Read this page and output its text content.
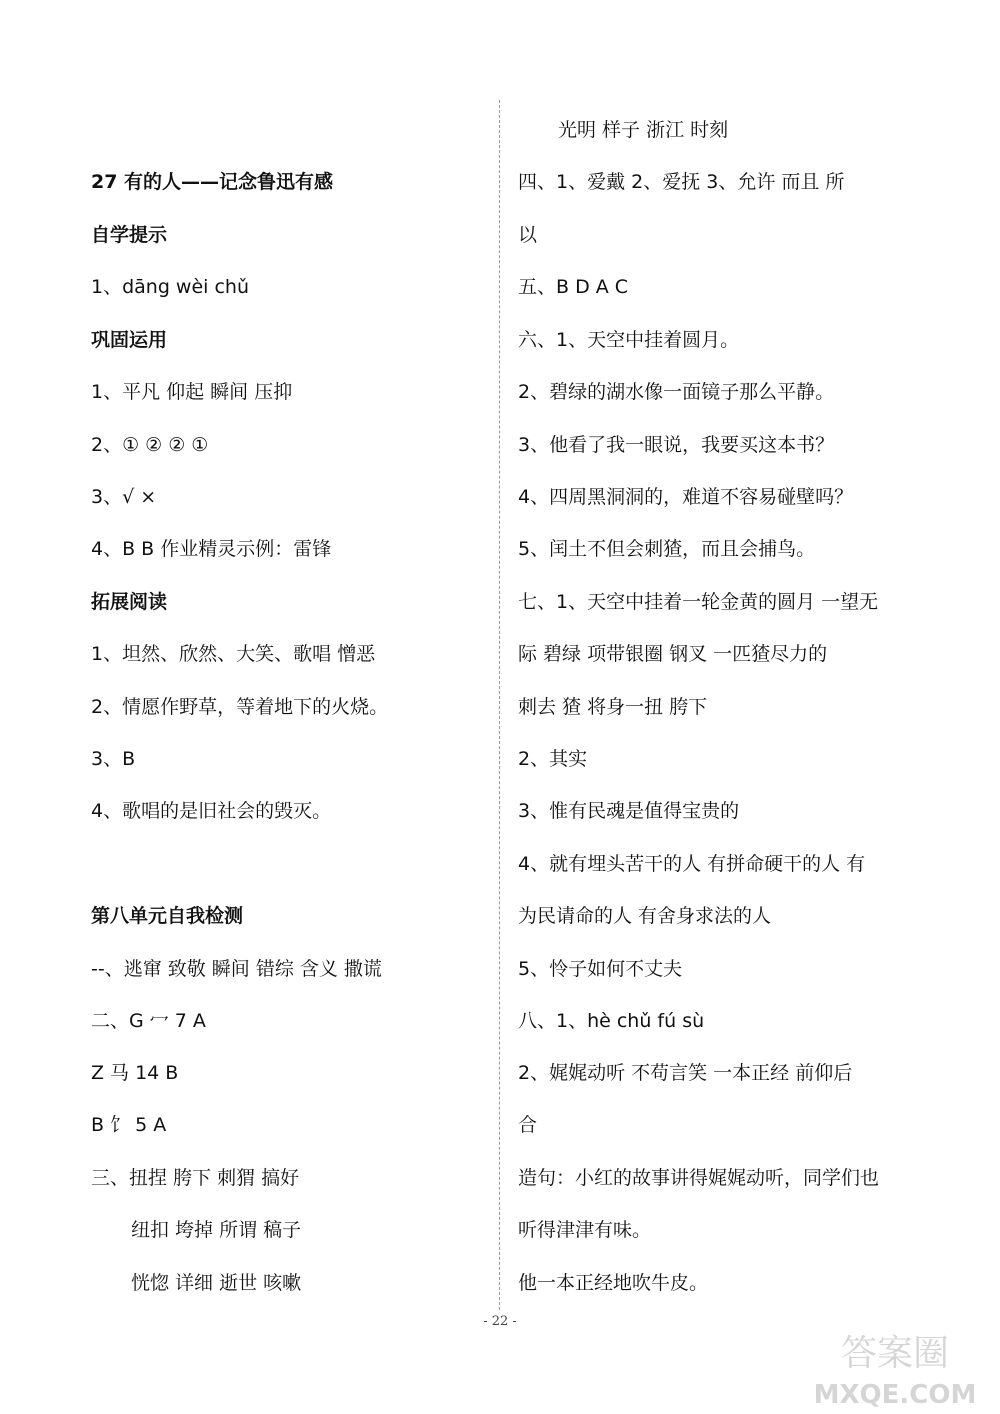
27 有的人——记念鲁迅有感
自学提示
1、dāng wèi chǔ
巩固运用
1、平凡 仰起 瞬间 压抑
2、① ② ② ①
3、√ ×
4、B B 作业精灵示例：雷锋
拓展阅读
1、坦然、欣然、大笑、歌唱 憎恶
2、情愿作野草，等着地下的火烧。
3、B
4、歌唱的是旧社会的毁灭。
第八单元自我检测
--、逃窜 致敬 瞬间 错综 含义 撒谎
二、G 冖 7 A
Z 马 14 B
B 饣 5 A
三、扭捏 胯下 刺猬 搞好
纽扣 垮掉 所谓 稿子
恍惚 详细 逝世 咳嗽
光明 样子 浙江 时刻
四、1、爱戴 2、爱抚 3、允许 而且 所
以
五、B D A C
六、1、天空中挂着圆月。
2、碧绿的湖水像一面镜子那么平静。
3、他看了我一眼说，我要买这本书？
4、四周黑洞洞的，难道不容易碰壁吗？
5、闰土不但会刺猹，而且会捕鸟。
七、1、天空中挂着一轮金黄的圆月 一望无
际 碧绿 项带银圈 钢叉 一匹猹尽力的
刺去 猹 将身一扭 胯下
2、其实
3、惟有民魂是值得宝贵的
4、就有埋头苦干的人 有拼命硬干的人 有
为民请命的人 有舍身求法的人
5、怜子如何不丈夫
八、1、hè chǔ fú sù
2、娓娓动听 不苟言笑 一本正经 前仰后
合
造句：小红的故事讲得娓娓动听，同学们也
听得津津有味。
他一本正经地吹牛皮。
- 22 -
答案圈
MXQE.COM
